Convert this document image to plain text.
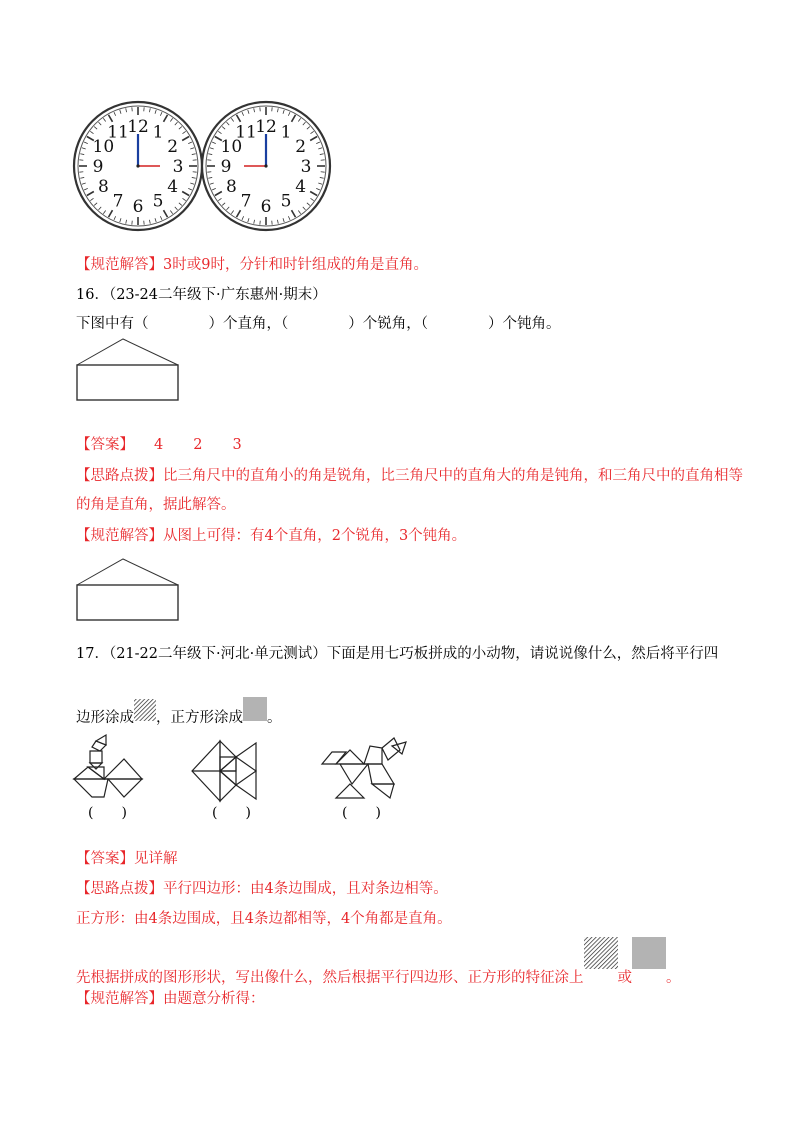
12 1
2
3
4
5
6
7
8
9
10
11	12 1
2
3
4
5
6
7
8
9
10
11
【规范解答】3时或9时，分针和时针组成的角是直角。
16．（23-24二年级下·广东惠州·期末）
下图中有（	）个直角，（	）个锐角，（	）个钝角。
【答案】 4 2 3
【思路点拨】比三角尺中的直角小的角是锐角，比三角尺中的直角大的角是钝角，和三角尺中的直角相等
的角是直角，据此解答。
【规范解答】从图上可得：有4个直角，2个锐角，3个钝角。
17．（21-22二年级下·河北·单元测试）下面是用七巧板拼成的小动物，请说说像什么，然后将平行四
边形涂成 ，正方形涂成 。
(　　)	(　　)	(　　)
【答案】见详解
【思路点拨】平行四边形：由4条边围成，且对条边相等。
正方形：由4条边围成，且4条边都相等，4个角都是直角。
先根据拼成的图形形状，写出像什么，然后根据平行四边形、正方形的特征涂上 或 。
【规范解答】由题意分析得：
